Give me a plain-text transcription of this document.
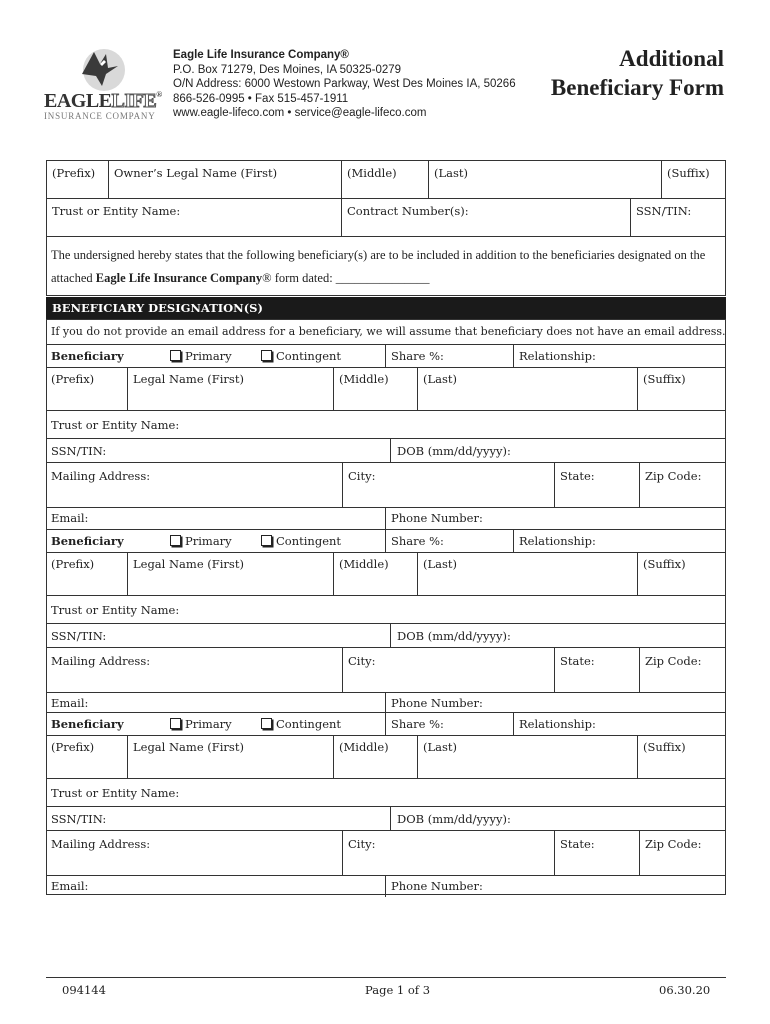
EAGLELIFE®
INSURANCE COMPANY
Eagle Life Insurance Company®
P.O. Box 71279, Des Moines, IA 50325-0279
O/N Address: 6000 Westown Parkway, West Des Moines IA, 50266
866-526-0995 • Fax 515-457-1911
www.eagle-lifeco.com • service@eagle-lifeco.com
Additional
Beneficiary Form
(Prefix) Owner’s Legal Name (First)	(Middle)	(Last)	(Suffix)
Trust or Entity Name:	Contract Number(s):	SSN/TIN:
The undersigned hereby states that the following beneficiary(s) are to be included in addition to the beneficiaries designated on the attached Eagle Life Insurance Company® form dated: _______________
BENEFICIARY DESIGNATION(S)
If you do not provide an email address for a beneficiary, we will assume that beneficiary does not have an email address.
Beneficiary	Primary	Contingent	Share %:	Relationship:
(Prefix)	Legal Name (First)	(Middle)	(Last)	(Suffix)
Trust or Entity Name:
SSN/TIN:	DOB (mm/dd/yyyy):
Mailing Address:	City:	State:	Zip Code:
Email:	Phone Number:
Beneficiary	Primary	Contingent	Share %:	Relationship:
(Prefix)	Legal Name (First)	(Middle)	(Last)	(Suffix)
Trust or Entity Name:
SSN/TIN:	DOB (mm/dd/yyyy):
Mailing Address:	City:	State:	Zip Code:
Email:	Phone Number:
Beneficiary	Primary	Contingent	Share %:	Relationship:
(Prefix)	Legal Name (First)	(Middle)	(Last)	(Suffix)
Trust or Entity Name:
SSN/TIN:	DOB (mm/dd/yyyy):
Mailing Address:	City:	State:	Zip Code:
Email:	Phone Number:
094144	Page 1 of 3	06.30.20
